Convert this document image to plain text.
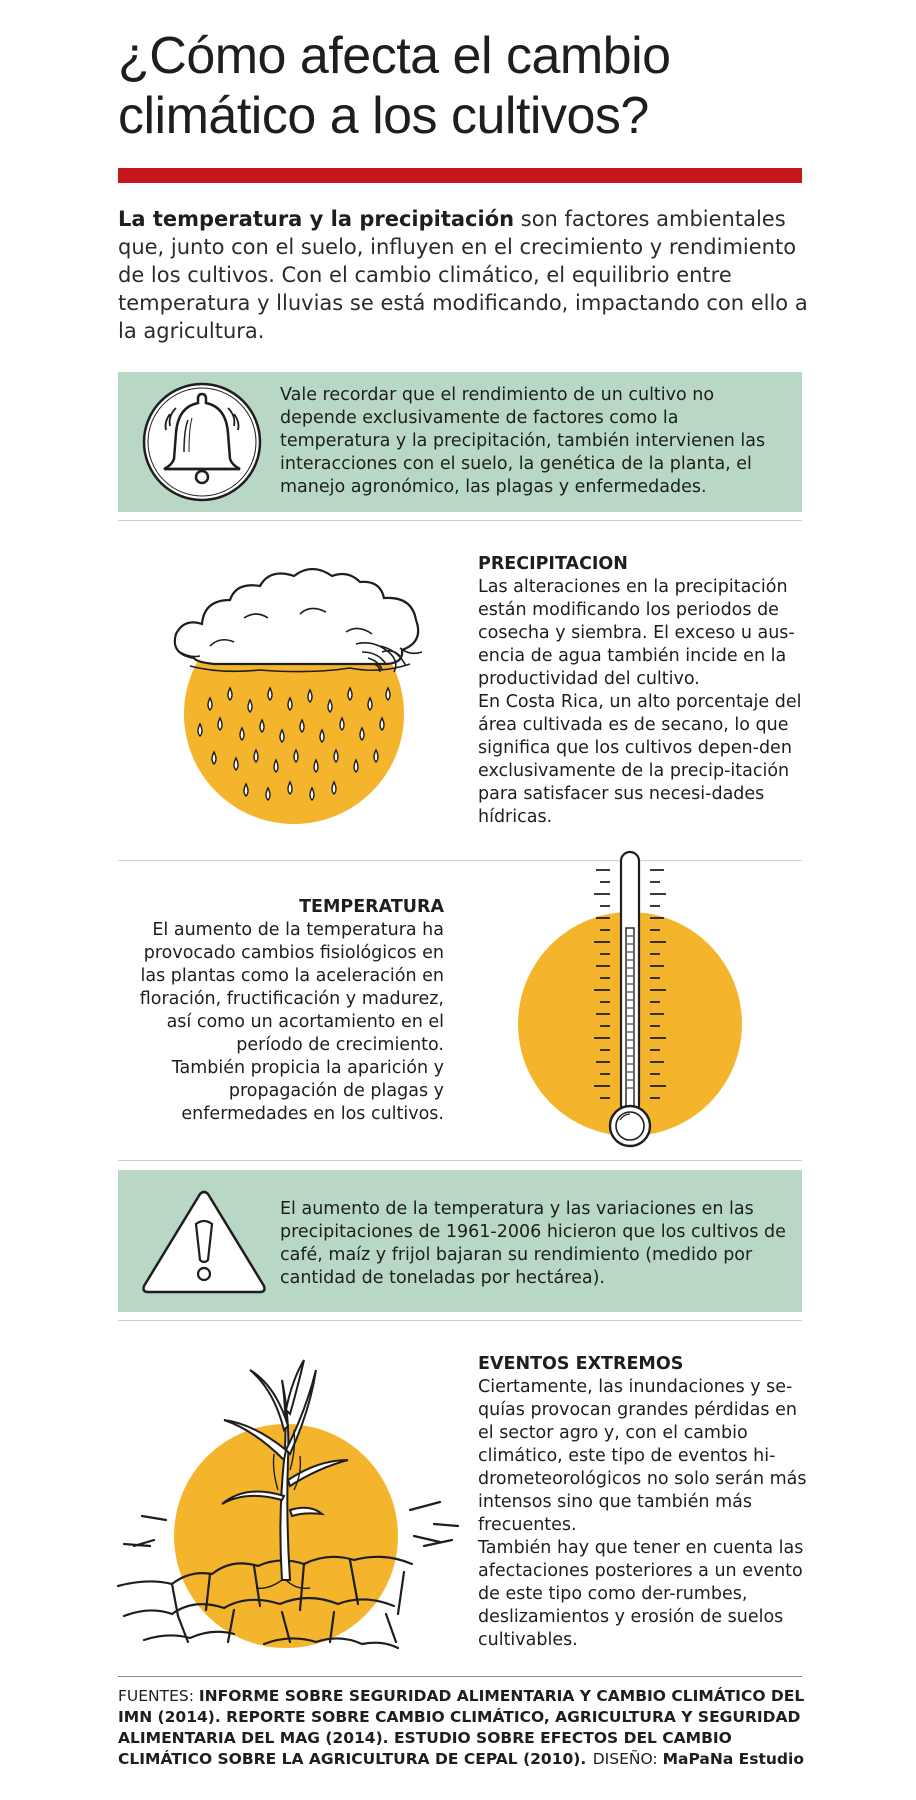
¿Cómo afecta el cambio climático a los cultivos?

La temperatura y la precipitación son factores ambientales que, junto con el suelo, influyen en el crecimiento y rendimiento de los cultivos. Con el cambio climático, el equilibrio entre temperatura y lluvias se está modificando, impactando con ello a la agricultura.

Vale recordar que el rendimiento de un cultivo no depende exclusivamente de factores como la temperatura y la precipitación, también intervienen las interacciones con el suelo, la genética de la planta, el manejo agronómico, las plagas y enfermedades.

PRECIPITACION

Las alteraciones en la precipitación están modificando los periodos de cosecha y siembra. El exceso u aus-encia de agua también incide en la productividad del cultivo.
En Costa Rica, un alto porcentaje del área cultivada es de secano, lo que significa que los cultivos depen-den exclusivamente de la precip-itación para satisfacer sus necesi-dades hídricas.

TEMPERATURA

El aumento de la temperatura ha provocado cambios fisiológicos en las plantas como la aceleración en floración, fructificación y madurez, así como un acortamiento en el período de crecimiento.
También propicia la aparición y propagación de plagas y enfermedades en los cultivos.

El aumento de la temperatura y las variaciones en las precipitaciones de 1961-2006 hicieron que los cultivos de café, maíz y frijol bajaran su rendimiento (medido por cantidad de toneladas por hectárea).

EVENTOS EXTREMOS

Ciertamente, las inundaciones y se-quías provocan grandes pérdidas en el sector agro y, con el cambio climático, este tipo de eventos hi-drometeorológicos no solo serán más intensos sino que también más frecuentes.
También hay que tener en cuenta las afectaciones posteriores a un evento de este tipo como der-rumbes, deslizamientos y erosión de suelos cultivables.

FUENTES: INFORME SOBRE SEGURIDAD ALIMENTARIA Y CAMBIO CLIMÁTICO DEL IMN (2014). REPORTE SOBRE CAMBIO CLIMÁTICO, AGRICULTURA Y SEGURIDAD ALIMENTARIA DEL MAG (2014). ESTUDIO SOBRE EFECTOS DEL CAMBIO CLIMÁTICO SOBRE LA AGRICULTURA DE CEPAL (2010). DISEÑO: MaPaNa Estudio
